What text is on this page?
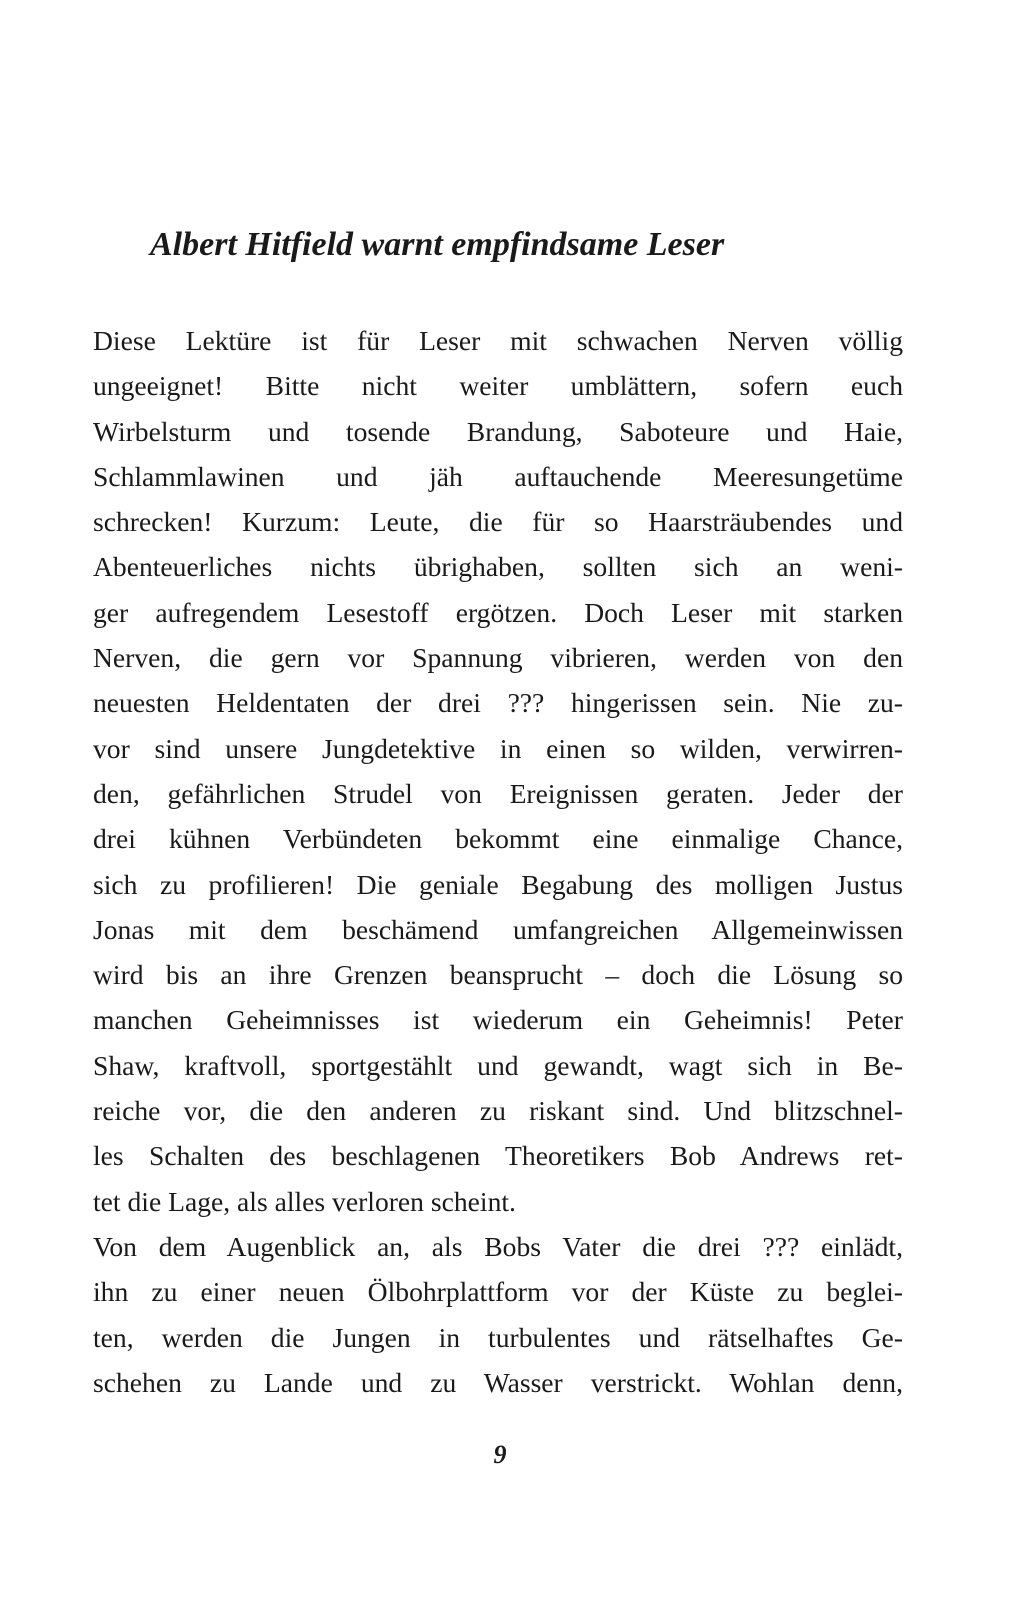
Albert Hitfield warnt empfindsame Leser
Diese Lektüre ist für Leser mit schwachen Nerven völlig
ungeeignet! Bitte nicht weiter umblättern, sofern euch
Wirbelsturm und tosende Brandung, Saboteure und Haie,
Schlammlawinen und jäh auftauchende Meeresungetüme
schrecken! Kurzum: Leute, die für so Haarsträubendes und
Abenteuerliches nichts übrighaben, sollten sich an weni-
ger aufregendem Lesestoff ergötzen. Doch Leser mit starken
Nerven, die gern vor Spannung vibrieren, werden von den
neuesten Heldentaten der drei ??? hingerissen sein. Nie zu-
vor sind unsere Jungdetektive in einen so wilden, verwirren-
den, gefährlichen Strudel von Ereignissen geraten. Jeder der
drei kühnen Verbündeten bekommt eine einmalige Chance,
sich zu profilieren! Die geniale Begabung des molligen Justus
Jonas mit dem beschämend umfangreichen Allgemeinwissen
wird bis an ihre Grenzen beansprucht – doch die Lösung so
manchen Geheimnisses ist wiederum ein Geheimnis! Peter
Shaw, kraftvoll, sportgestählt und gewandt, wagt sich in Be-
reiche vor, die den anderen zu riskant sind. Und blitzschnel-
les Schalten des beschlagenen Theoretikers Bob Andrews ret-
tet die Lage, als alles verloren scheint.
Von dem Augenblick an, als Bobs Vater die drei ??? einlädt,
ihn zu einer neuen Ölbohrplattform vor der Küste zu beglei-
ten, werden die Jungen in turbulentes und rätselhaftes Ge-
schehen zu Lande und zu Wasser verstrickt. Wohlan denn,
9
